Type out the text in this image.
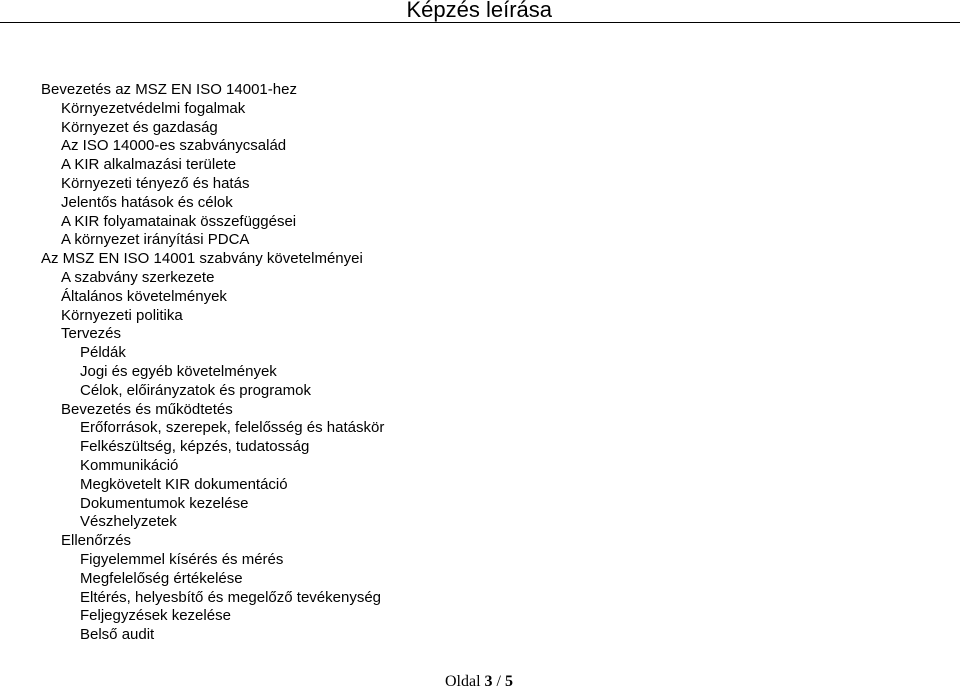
Képzés leírása
Bevezetés az MSZ EN ISO 14001-hez
Környezetvédelmi fogalmak
Környezet és gazdaság
Az ISO 14000-es szabványcsalád
A KIR alkalmazási területe
Környezeti tényező és hatás
Jelentős hatások és célok
A KIR folyamatainak összefüggései
A környezet irányítási PDCA
Az MSZ EN ISO 14001 szabvány követelményei
A szabvány szerkezete
Általános követelmények
Környezeti politika
Tervezés
Példák
Jogi és egyéb követelmények
Célok, előirányzatok és programok
Bevezetés és működtetés
Erőforrások, szerepek, felelősség és hatáskör
Felkészültség, képzés, tudatosság
Kommunikáció
Megkövetelt KIR dokumentáció
Dokumentumok kezelése
Vészhelyzetek
Ellenőrzés
Figyelemmel kísérés és mérés
Megfelelőség értékelése
Eltérés, helyesbítő és megelőző tevékenység
Feljegyzések kezelése
Belső audit
Oldal 3 / 5
